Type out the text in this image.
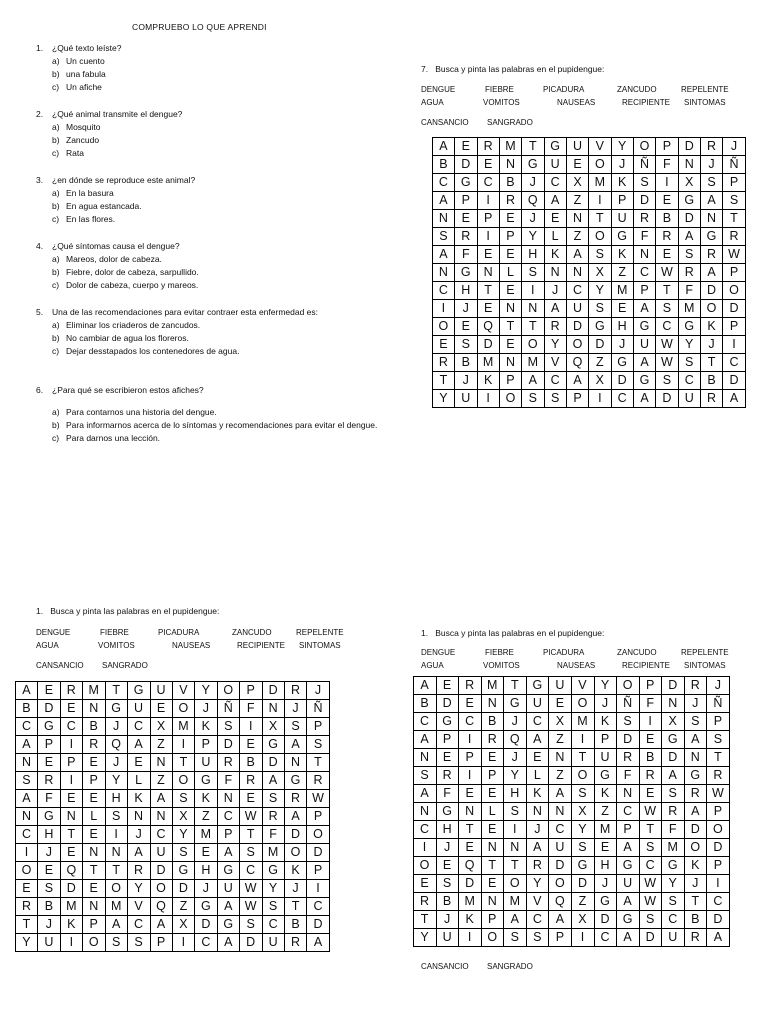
COMPRUEBO LO QUE APRENDI
1.	¿Qué texto leíste?
a) Un cuento
b) una fabula
c) Un afiche
2.	¿Qué animal transmite el dengue?
a) Mosquito
b) Zancudo
c) Rata
3.	¿en dónde se reproduce este animal?
a) En la basura
b) En agua estancada.
c) En las flores.
4.	¿Qué síntomas causa el dengue?
a) Mareos, dolor de cabeza.
b) Fiebre, dolor de cabeza, sarpullido.
c) Dolor de cabeza, cuerpo y mareos.
5.	Una de las recomendaciones para evitar contraer esta enfermedad es:
a) Eliminar los criaderos de zancudos.
b) No cambiar de agua los floreros.
c) Dejar desstapados los contenedores de agua.
6.	¿Para qué se escribieron estos afiches?
a) Para contarnos una historia del dengue.
b) Para informarnos acerca de lo síntomas y recomendaciones para evitar el dengue.
c) Para darnos una lección.
7. Busca y pinta las palabras en el pupidengue:
DENGUE	FIEBRE	PICADURA	ZANCUDO	REPELENTE
AGUA	VOMITOS	NAUSEAS	RECIPIENTE SINTOMAS
CANSANCIO SANGRADO
A	E	R	M	T	G	U	V	Y	O	P	D	R	J
B	D	E	N	G	U	E	O	J	Ñ	F	N	J	Ñ
C	G	C	B	J	C	X	M	K	S	I	X	S	P
A	P	I	R	Q	A	Z	I	P	D	E	G	A	S
N	E	P	E	J	E	N	T	U	R	B	D	N	T
S	R	I	P	Y	L	Z	O	G	F	R	A	G	R
A	F	E	E	H	K	A	S	K	N	E	S	R	W
N	G	N	L	S	N	N	X	Z	C	W	R	A	P
C	H	T	E	I	J	C	Y	M	P	T	F	D	O
I	J	E	N	N	A	U	S	E	A	S	M	O	D
O	E	Q	T	T	R	D	G	H	G	C	G	K	P
E	S	D	E	O	Y	O	D	J	U	W	Y	J	I
R	B	M	N	M	V	Q	Z	G	A	W	S	T	C
T	J	K	P	A	C	A	X	D	G	S	C	B	D
Y	U	I	O	S	S	P	I	C	A	D	U	R	A
1. Busca y pinta las palabras en el pupidengue:
DENGUE	FIEBRE	PICADURA	ZANCUDO	REPELENTE
AGUA	VOMITOS	NAUSEAS	RECIPIENTE SINTOMAS
CANSANCIO SANGRADO
A	E	R	M	T	G	U	V	Y	O	P	D	R	J
B	D	E	N	G	U	E	O	J	Ñ	F	N	J	Ñ
C	G	C	B	J	C	X	M	K	S	I	X	S	P
A	P	I	R	Q	A	Z	I	P	D	E	G	A	S
N	E	P	E	J	E	N	T	U	R	B	D	N	T
S	R	I	P	Y	L	Z	O	G	F	R	A	G	R
A	F	E	E	H	K	A	S	K	N	E	S	R	W
N	G	N	L	S	N	N	X	Z	C	W	R	A	P
C	H	T	E	I	J	C	Y	M	P	T	F	D	O
I	J	E	N	N	A	U	S	E	A	S	M	O	D
O	E	Q	T	T	R	D	G	H	G	C	G	K	P
E	S	D	E	O	Y	O	D	J	U	W	Y	J	I
R	B	M	N	M	V	Q	Z	G	A	W	S	T	C
T	J	K	P	A	C	A	X	D	G	S	C	B	D
Y	U	I	O	S	S	P	I	C	A	D	U	R	A
1. Busca y pinta las palabras en el pupidengue:
DENGUE	FIEBRE	PICADURA	ZANCUDO	REPELENTE
AGUA	VOMITOS	NAUSEAS	RECIPIENTE SINTOMAS
A	E	R	M	T	G	U	V	Y	O	P	D	R	J
B	D	E	N	G	U	E	O	J	Ñ	F	N	J	Ñ
C	G	C	B	J	C	X	M	K	S	I	X	S	P
A	P	I	R	Q	A	Z	I	P	D	E	G	A	S
N	E	P	E	J	E	N	T	U	R	B	D	N	T
S	R	I	P	Y	L	Z	O	G	F	R	A	G	R
A	F	E	E	H	K	A	S	K	N	E	S	R	W
N	G	N	L	S	N	N	X	Z	C	W	R	A	P
C	H	T	E	I	J	C	Y	M	P	T	F	D	O
I	J	E	N	N	A	U	S	E	A	S	M	O	D
O	E	Q	T	T	R	D	G	H	G	C	G	K	P
E	S	D	E	O	Y	O	D	J	U	W	Y	J	I
R	B	M	N	M	V	Q	Z	G	A	W	S	T	C
T	J	K	P	A	C	A	X	D	G	S	C	B	D
Y	U	I	O	S	S	P	I	C	A	D	U	R	A
CANSANCIO SANGRADO
